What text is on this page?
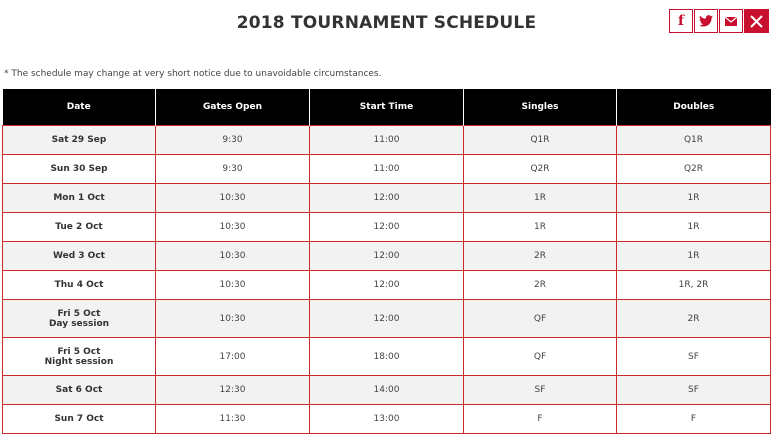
2018 TOURNAMENT SCHEDULE	f
* The schedule may change at very short notice due to unavoidable circumstances.
Date	Gates Open	Start Time	Singles	Doubles

Sat 29 Sep	9:30	11:00	Q1R	Q1R

Sun 30 Sep	9:30	11:00	Q2R	Q2R

Mon 1 Oct	10:30	12:00	1R	1R

Tue 2 Oct	10:30	12:00	1R	1R

Wed 3 Oct	10:30	12:00	2R	1R

Thu 4 Oct	10:30	12:00	2R	1R, 2R

Fri 5 Oct
Day session	10:30	12:00	QF	2R

Fri 5 Oct
Night session	17:00	18:00	QF	SF

Sat 6 Oct	12:30	14:00	SF	SF

Sun 7 Oct	11:30	13:00	F	F
